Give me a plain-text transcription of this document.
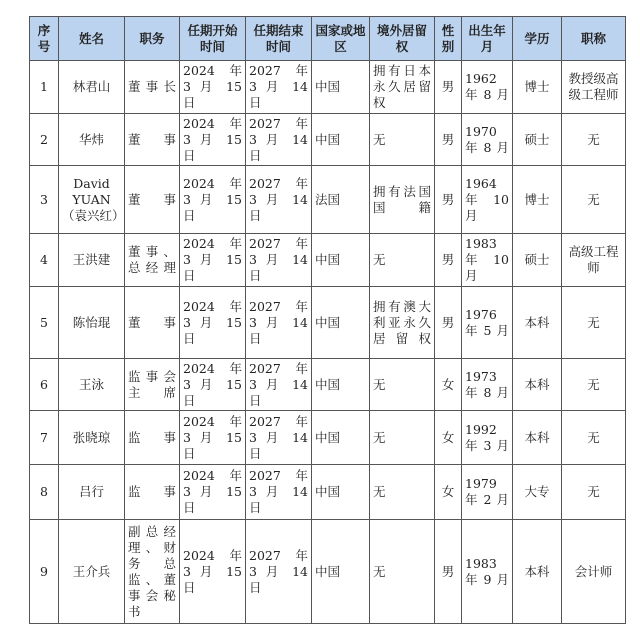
序号	姓名	职务	任期开始时间	任期结束时间	国家或地区	境外居留权	性别	出生年月	学历	职称
1	林君山	董事长	2024 年 3 月 15 日	2027 年 3 月 14 日	中国	拥有日本永久居留权	男	1962 年 8 月	博士	教授级高级工程师
2	华炜	董事	2024 年 3 月 15 日	2027 年 3 月 14 日	中国	无	男	1970 年 8 月	硕士	无
3	David YUAN（袁兴红）	董事	2024 年 3 月 15 日	2027 年 3 月 14 日	法国	拥有法国国籍	男	1964 年 10 月	博士	无
4	王洪建	董事、总经理	2024 年 3 月 15 日	2027 年 3 月 14 日	中国	无	男	1983 年 10 月	硕士	高级工程师
5	陈怡琨	董事	2024 年 3 月 15 日	2027 年 3 月 14 日	中国	拥有澳大利亚永久居留权	男	1976 年 5 月	本科	无
6	王泳	监事会主席	2024 年 3 月 15 日	2027 年 3 月 14 日	中国	无	女	1973 年 8 月	本科	无
7	张晓琼	监事	2024 年 3 月 15 日	2027 年 3 月 14 日	中国	无	女	1992 年 3 月	本科	无
8	吕行	监事	2024 年 3 月 15 日	2027 年 3 月 14 日	中国	无	女	1979 年 2 月	大专	无
9	王介兵	副总经理、财务总监、董事会秘书	2024 年 3 月 15 日	2027 年 3 月 14 日	中国	无	男	1983 年 9 月	本科	会计师
